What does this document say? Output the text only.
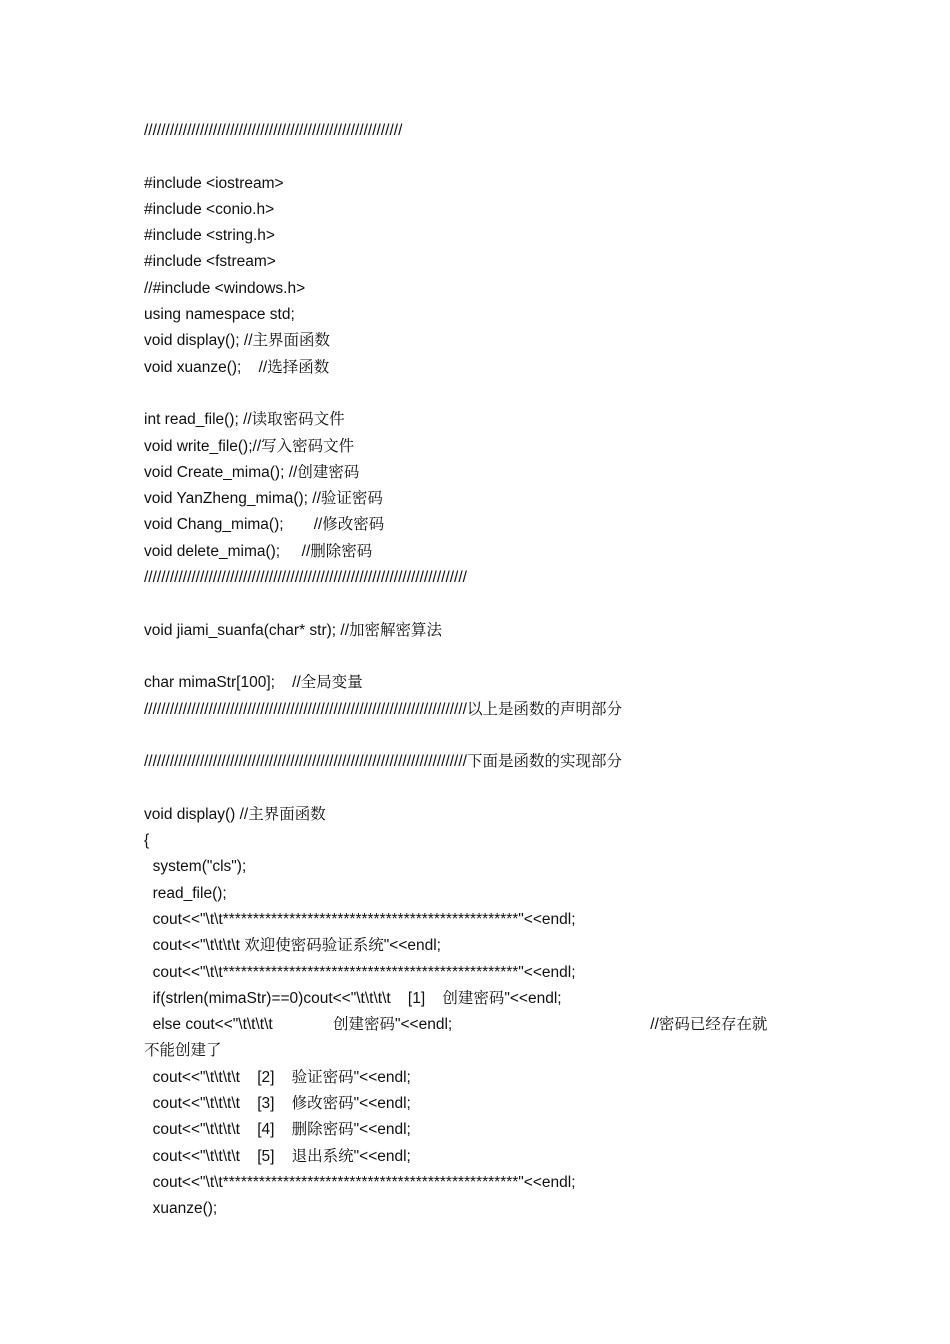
////////////////////////////////////////////////////////////
#include <iostream>
#include <conio.h>
#include <string.h>
#include <fstream>
//#include <windows.h>
using namespace std;
void display(); //主界面函数
void xuanze();    //选择函数
int read_file(); //读取密码文件
void write_file();//写入密码文件
void Create_mima(); //创建密码
void YanZheng_mima(); //验证密码
void Chang_mima();       //修改密码
void delete_mima();     //删除密码
///////////////////////////////////////////////////////////////////////////
void jiami_suanfa(char* str); //加密解密算法
char mimaStr[100];    //全局变量
///////////////////////////////////////////////////////////////////////////以上是函数的声明部分
///////////////////////////////////////////////////////////////////////////下面是函数的实现部分
void display() //主界面函数
{
system("cls");
read_file();
cout<<"\t\t*************************************************"<<endl;
cout<<"\t\t\t\t 欢迎使密码验证系统"<<endl;
cout<<"\t\t*************************************************"<<endl;
if(strlen(mimaStr)==0)cout<<"\t\t\t\t    [1]    创建密码"<<endl;
else cout<<"\t\t\t\t              创建密码"<<endl;                                              //密码已经存在就
不能创建了
cout<<"\t\t\t\t    [2]    验证密码"<<endl;
cout<<"\t\t\t\t    [3]    修改密码"<<endl;
cout<<"\t\t\t\t    [4]    删除密码"<<endl;
cout<<"\t\t\t\t    [5]    退出系统"<<endl;
cout<<"\t\t*************************************************"<<endl;
xuanze();
